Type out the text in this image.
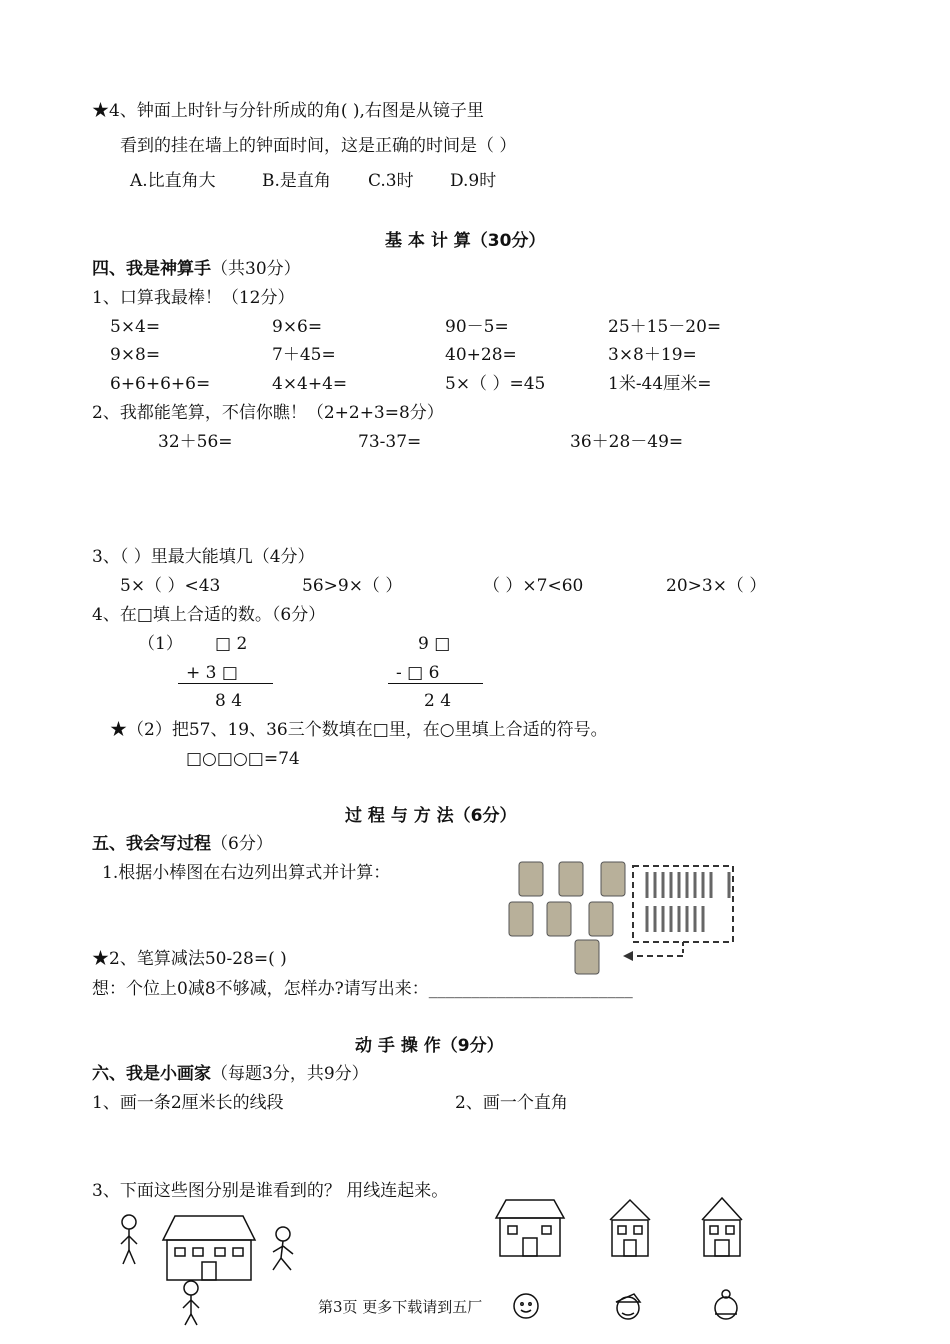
★4、钟面上时针与分针所成的角( ),右图是从镜子里
看到的挂在墙上的钟面时间，这是正确的时间是（ ）
A.比直角大	B.是直角 C.3时 D.9时
基 本 计 算（30分）
四、我是神算手（共30分）
1、口算我最棒！（12分）
5×4=	9×6=	90－5=	25＋15－20=
9×8=	7＋45=	40+28=	3×8＋19=
6+6+6+6=	4×4+4=	5×（ ）=45	1米-44厘米=
2、我都能笔算，不信你瞧！（2+2+3=8分）
32＋56=	73-37=	36＋28－49=
3、（ ）里最大能填几（4分）
5×（ ）<43	56>9×（ ）	（ ）×7<60	20>3×（ ）
4、在□填上合适的数。（6分）
（1） □ 2
+ 3 □
8 4
9 □
- □ 6
2 4
★（2）把57、19、36三个数填在□里，在○里填上合适的符号。
□○□○□=74
过 程 与 方 法（6分）
五、我会写过程（6分）
1.根据小棒图在右边列出算式并计算：
★2、笔算减法50-28=( )
想：个位上0减8不够减，怎样办?请写出来：________________________
动 手 操 作（9分）
六、我是小画家（每题3分，共9分）
1、画一条2厘米长的线段	2、画一个直角
3、下面这些图分别是谁看到的？ 用线连起来。
第3页 更多下载请到五厂
